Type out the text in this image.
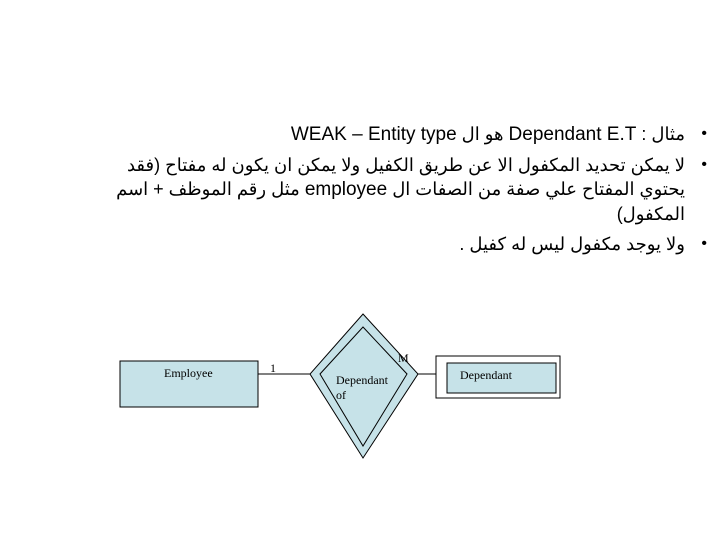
•
مثال : Dependant E.T هو ال WEAK – Entity type
•
لا يمكن تحديد المكفول الا عن طريق الكفيل ولا يمكن ان يكون له مفتاح (فقد
يحتوي المفتاح علي صفة من الصفات ال employee مثل رقم الموظف + اسم
المكفول)
•
ولا يوجد مكفول ليس له كفيل .
Employee	1
Dependant
of
M
Dependant
